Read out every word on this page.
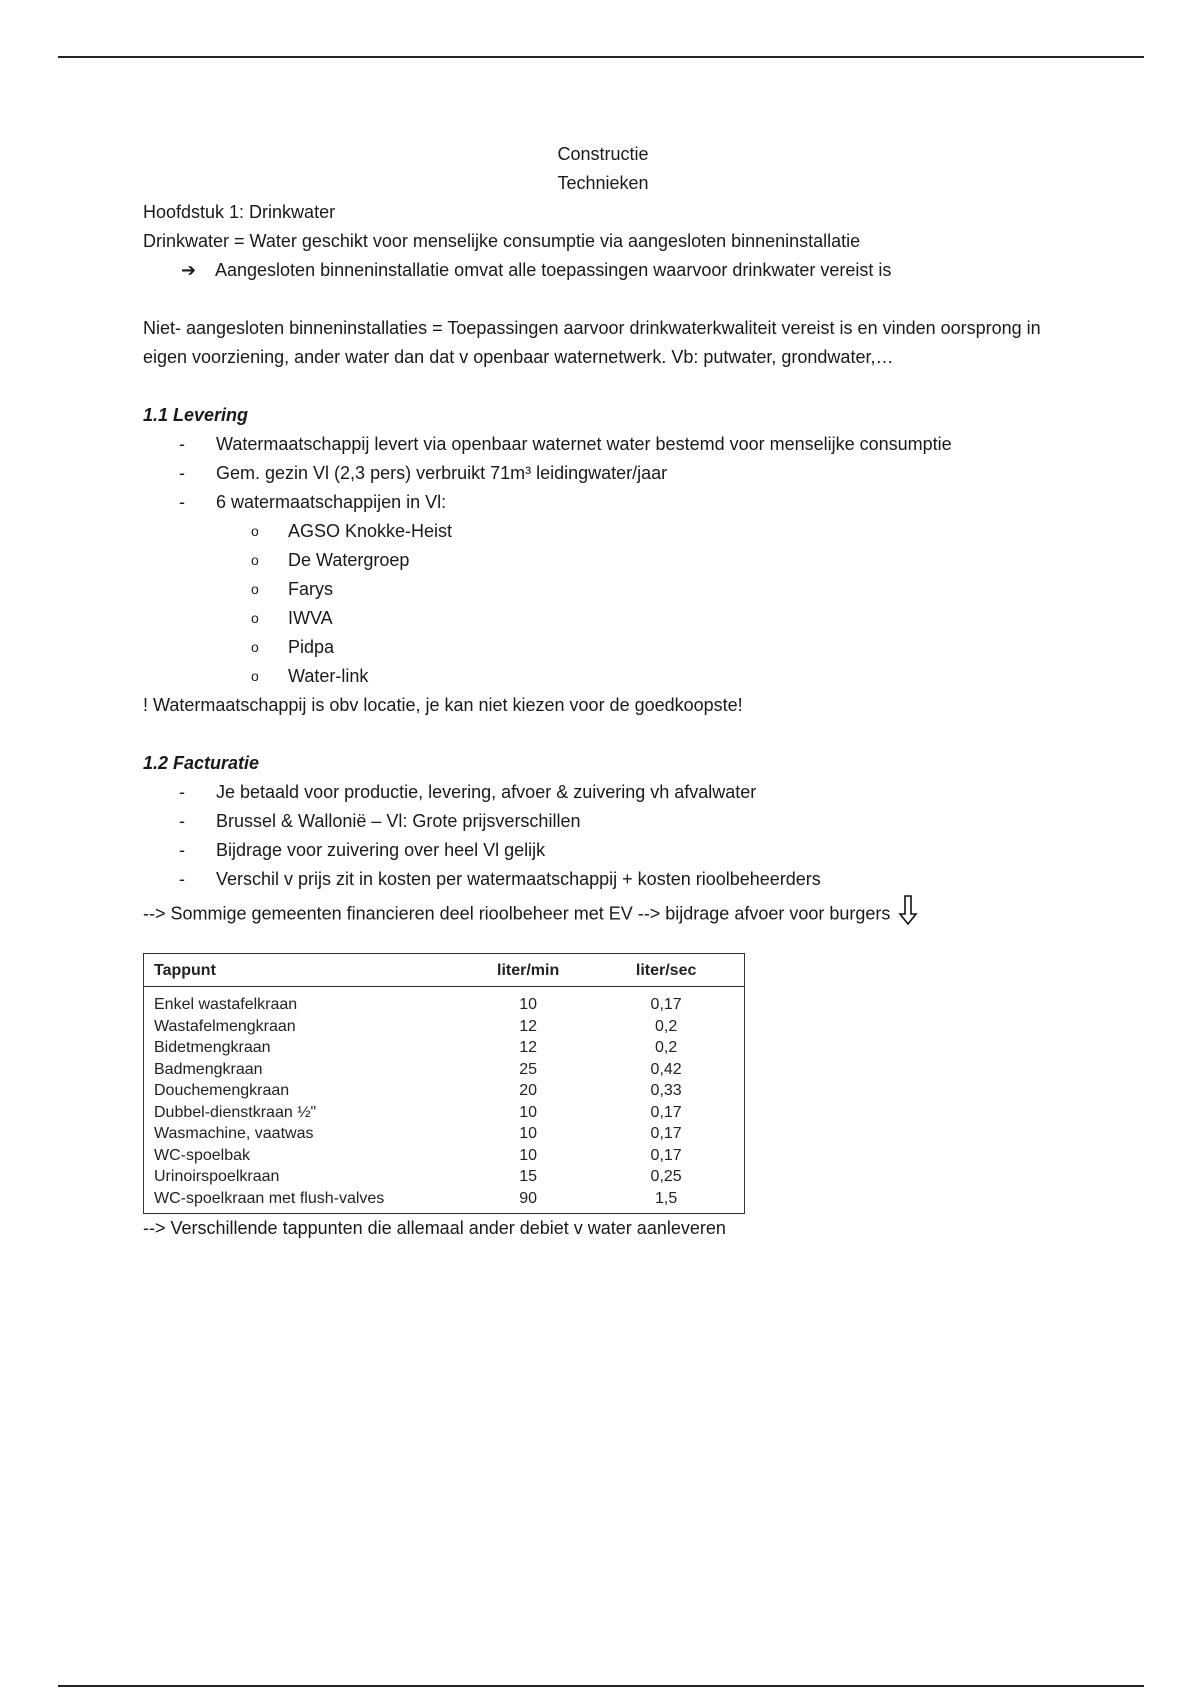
Constructie

Technieken

Hoofdstuk 1: Drinkwater

Drinkwater = Water geschikt voor menselijke consumptie via aangesloten binneninstallatie

➔	Aangesloten binneninstallatie omvat alle toepassingen waarvoor drinkwater vereist is

Niet- aangesloten binneninstallaties = Toepassingen aarvoor drinkwaterkwaliteit vereist is en vinden oorsprong in eigen voorziening, ander water dan dat v openbaar waternetwerk. Vb: putwater, grondwater,…

1.1 Levering

-	Watermaatschappij levert via openbaar waternet water bestemd voor menselijke consumptie
-	Gem. gezin Vl (2,3 pers) verbruikt 71m³ leidingwater/jaar
-	6 watermaatschappijen in Vl:
o	AGSO Knokke-Heist
o	De Watergroep
o	Farys
o	IWVA
o	Pidpa
o	Water-link

! Watermaatschappij is obv locatie, je kan niet kiezen voor de goedkoopste!

1.2 Facturatie

-	Je betaald voor productie, levering, afvoer & zuivering vh afvalwater
-	Brussel & Wallonië – Vl: Grote prijsverschillen
-	Bijdrage voor zuivering over heel Vl gelijk
-	Verschil v prijs zit in kosten per watermaatschappij + kosten rioolbeheerders

--> Sommige gemeenten financieren deel rioolbeheer met EV --> bijdrage afvoer voor burgers

Tappunt	liter/min	liter/sec
Enkel wastafelkraan	10	0,17
Wastafelmengkraan	12	0,2
Bidetmengkraan	12	0,2
Badmengkraan	25	0,42
Douchemengkraan	20	0,33
Dubbel-dienstkraan ½"	10	0,17
Wasmachine, vaatwas	10	0,17
WC-spoelbak	10	0,17
Urinoirspoelkraan	15	0,25
WC-spoelkraan met flush-valves	90	1,5

--> Verschillende tappunten die allemaal ander debiet v water aanleveren
